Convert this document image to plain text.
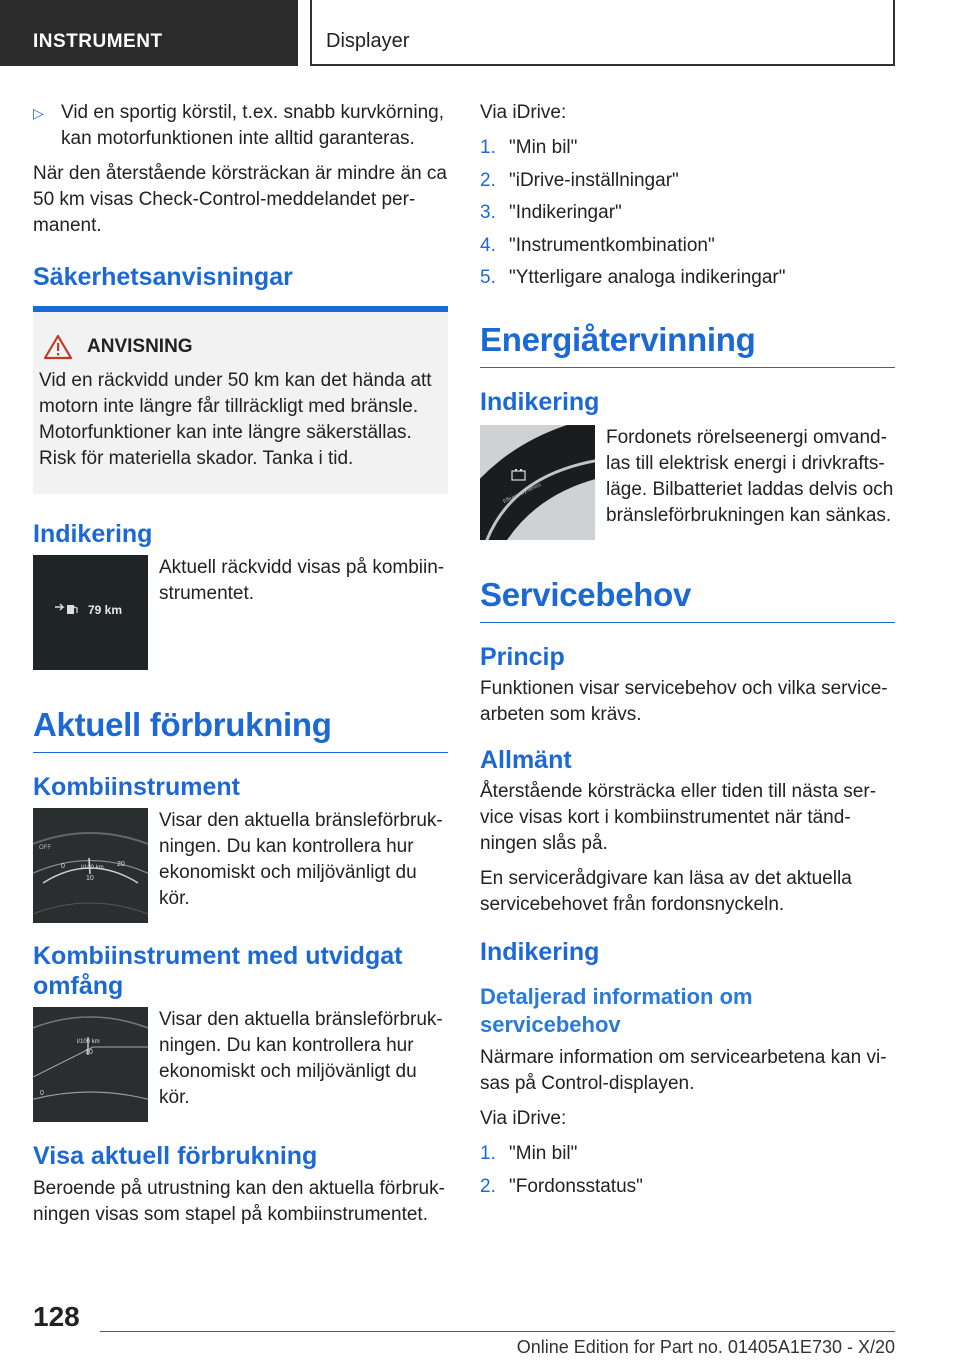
INSTRUMENT	Displayer

▷ Vid en sportig körstil, t.ex. snabb kurvkörning, kan motorfunktionen inte alltid garanteras.

När den återstående körsträckan är mindre än ca 50 km visas Check-Control-meddelandet permanent.

Säkerhetsanvisningar
ANVISNING

Vid en räckvidd under 50 km kan det hända att motorn inte längre får tillräckligt med bränsle. Motorfunktioner kan inte längre säkerställas. Risk för materiella skador. Tanka i tid.

Indikering
79 km
Aktuell räckvidd visas på kombiinstrumentet.
Aktuell förbrukning
Kombiinstrument
OFF
0	l/100 km
10
20
Visar den aktuella bränsleförbrukningen. Du kan kontrollera hur ekonomiskt och miljövänligt du kör.
Kombiinstrument med utvidgat omfång
l/100 km
10
0
Visar den aktuella bränsleförbrukningen. Du kan kontrollera hur ekonomiskt och miljövänligt du kör.
Visa aktuell förbrukning

Beroende på utrustning kan den aktuella förbrukningen visas som stapel på kombiinstrumentet.

Via iDrive:

1. "Min bil"
2. "iDrive-inställningar"
3. "Indikeringar"
4. "Instrumentkombination"
5. "Ytterligare analoga indikeringar"
Energiåtervinning
Indikering
Efficient Dynamics
Fordonets rörelseenergi omvandlas till elektrisk energi i drivkraftsläge. Bilbatteriet laddas delvis och bränsleförbrukningen kan sänkas.
Servicebehov
Princip

Funktionen visar servicebehov och vilka servicearbeten som krävs.

Allmänt

Återstående körsträcka eller tiden till nästa service visas kort i kombiinstrumentet när tändningen slås på.

En servicerådgivare kan läsa av det aktuella servicebehovet från fordonsnyckeln.

Indikering
Detaljerad information om servicebehov

Närmare information om servicearbetena kan visas på Control-displayen.

Via iDrive:

1. "Min bil"
2. "Fordonsstatus"
128
Online Edition for Part no. 01405A1E730 - X/20
